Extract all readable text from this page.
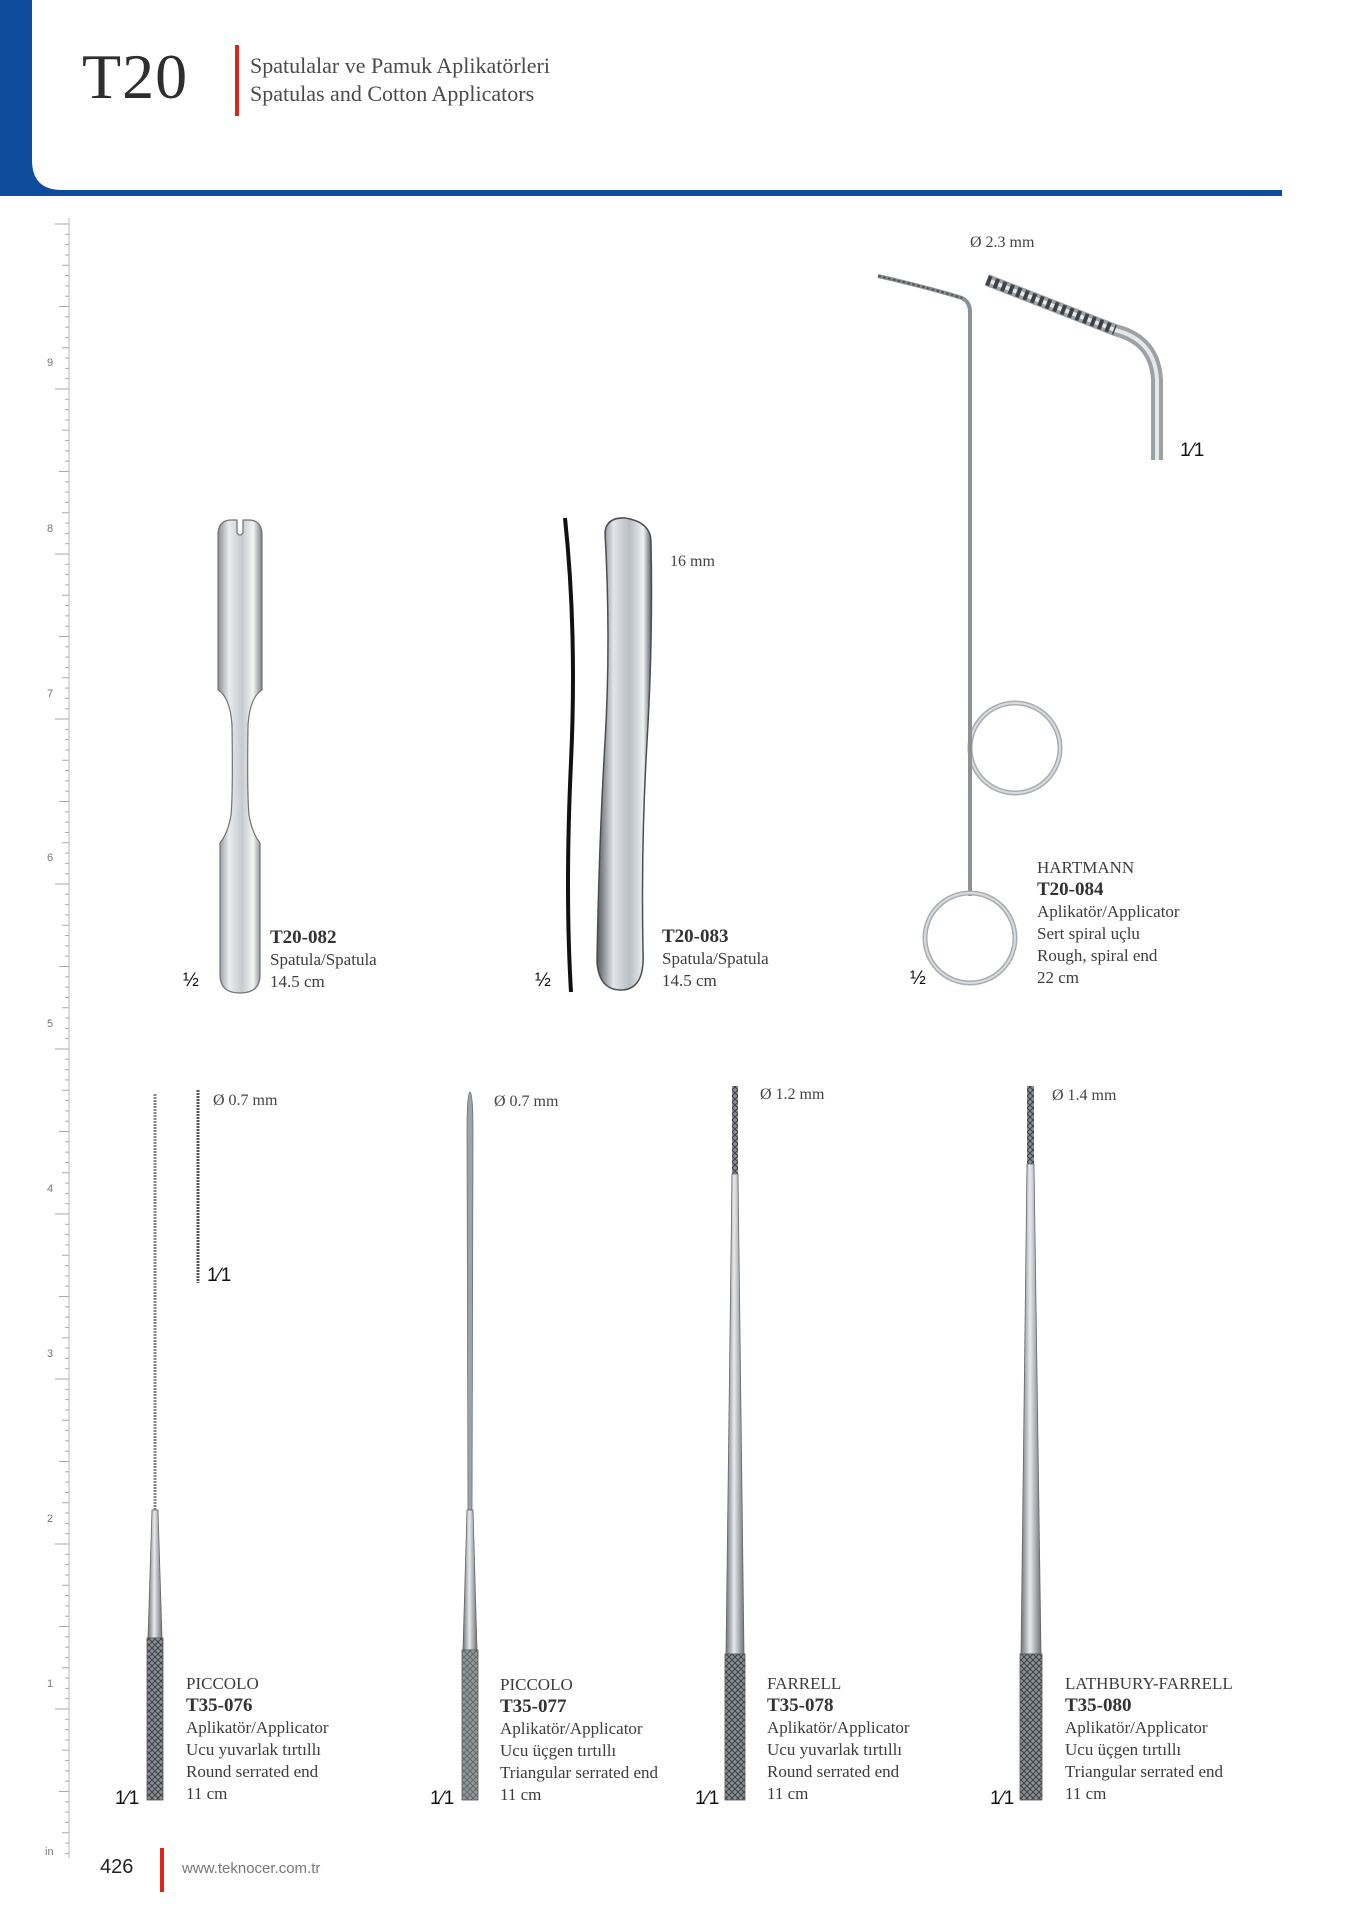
T20	Spatulalar ve Pamuk Aplikatörleri
Spatulas and Cotton Applicators
9
8
7
6
5
4
3
2
1
in
½
T20-082
Spatula/Spatula
14.5 cm
16 mm
½
T20-083
Spatula/Spatula
14.5 cm
Ø 2.3 mm
1⁄1
½
HARTMANN
T20-084
Aplikatör/Applicator
Sert spiral uçlu
Rough, spiral end
22 cm
Ø 0.7 mm
1⁄1
1⁄1
PICCOLO
T35-076
Aplikatör/Applicator
Ucu yuvarlak tırtıllı
Round serrated end
11 cm
Ø 0.7 mm
1⁄1
PICCOLO
T35-077
Aplikatör/Applicator
Ucu üçgen tırtıllı
Triangular serrated end
11 cm
Ø 1.2 mm
1⁄1
FARRELL
T35-078
Aplikatör/Applicator
Ucu yuvarlak tırtıllı
Round serrated end
11 cm
Ø 1.4 mm
1⁄1
LATHBURY-FARRELL
T35-080
Aplikatör/Applicator
Ucu üçgen tırtıllı
Triangular serrated end
11 cm
426	www.teknocer.com.tr
